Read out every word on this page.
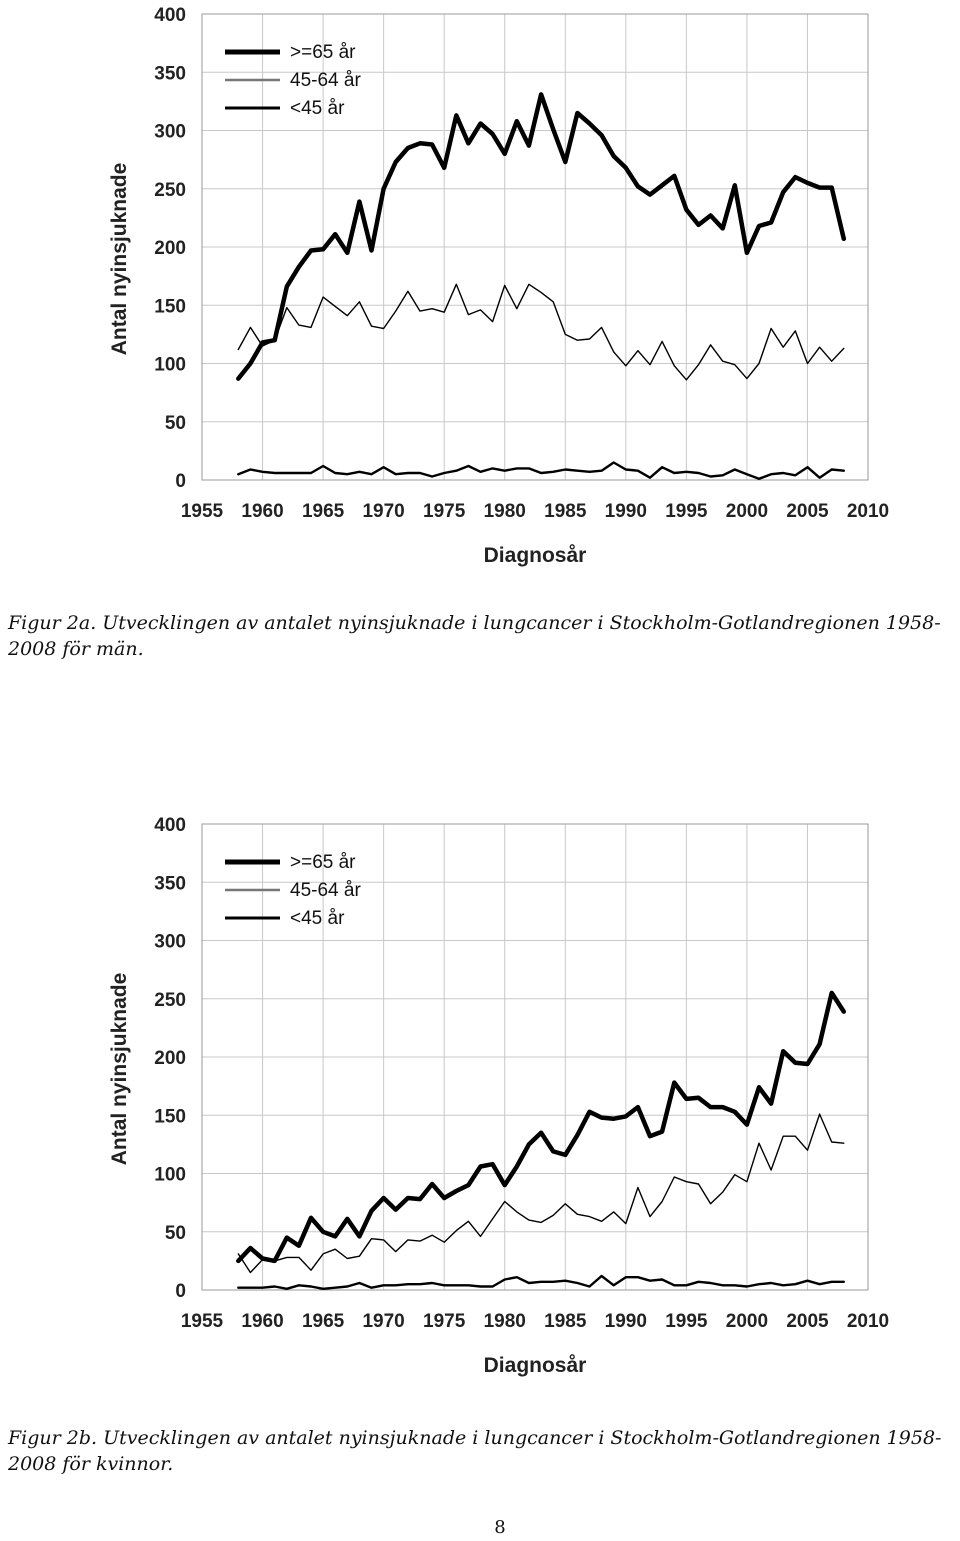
0
50
100
150
200
250
300
350
400
1955 1960 1965 1970 1975 1980 1985 1990 1995 2000 2005 2010
Diagnosår
Antal nyinsjuknade
>=65 år
45-64 år
<45 år
Figur 2a. Utvecklingen av antalet nyinsjuknade i lungcancer i Stockholm-Gotlandregionen 1958-2008 för män.
0
50
100
150
200
250
300
350
400
1955 1960 1965 1970 1975 1980 1985 1990 1995 2000 2005 2010
Diagnosår
Antal nyinsjuknade
>=65 år
45-64 år
<45 år
Figur 2b. Utvecklingen av antalet nyinsjuknade i lungcancer i Stockholm-Gotlandregionen 1958-2008 för kvinnor.
8
